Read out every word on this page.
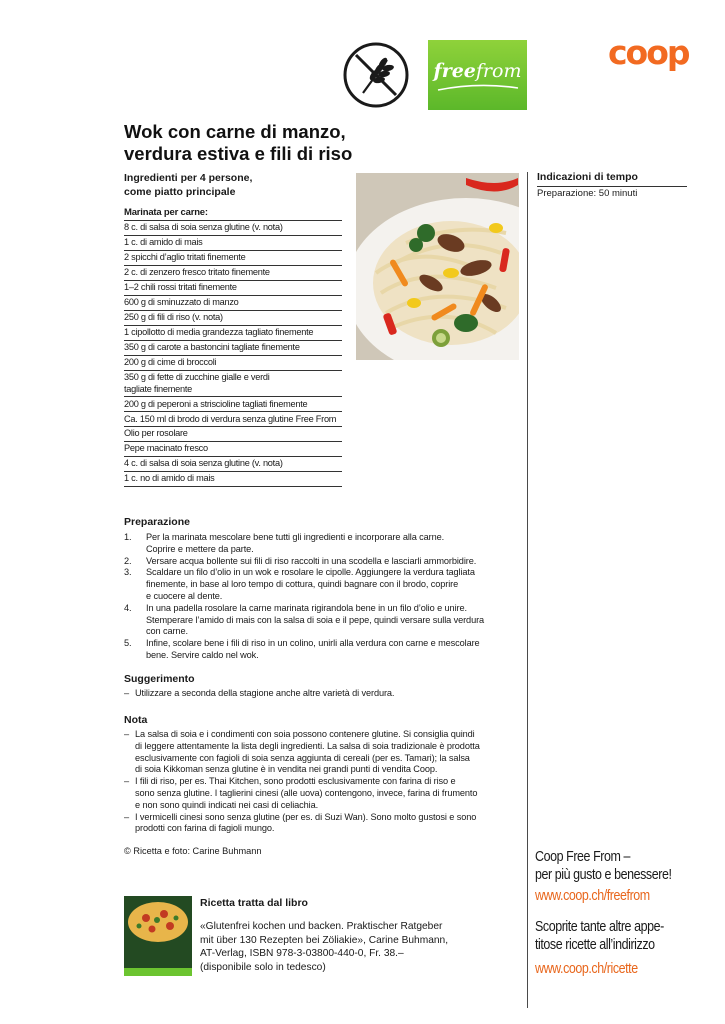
freefrom	coop
Wok con carne di manzo,
verdura estiva e fili di riso
Ingredienti per 4 persone,
come piatto principale
Marinata per carne:
8 c. di salsa di soia senza glutine (v. nota)
1 c. di amido di mais
2 spicchi d’aglio tritati finemente
2 c. di zenzero fresco tritato finemente
1–2 chili rossi tritati finemente
600 g di sminuzzato di manzo
250 g di fili di riso (v. nota)
1 cipollotto di media grandezza tagliato finemente
350 g di carote a bastoncini tagliate finemente
200 g di cime di broccoli
350 g di fette di zucchine gialle e verdi
tagliate finemente
200 g di peperoni a striscioline tagliati finemente
Ca. 150 ml di brodo di verdura senza glutine Free From
Olio per rosolare
Pepe macinato fresco
4 c. di salsa di soia senza glutine (v. nota)
1 c. no di amido di mais
Indicazioni di tempo
Preparazione: 50 minuti
Preparazione
1. Per la marinata mescolare bene tutti gli ingredienti e incorporare alla carne.
Coprire e mettere da parte.
2. Versare acqua bollente sui fili di riso raccolti in una scodella e lasciarli ammorbidire.
3. Scaldare un filo d’olio in un wok e rosolare le cipolle. Aggiungere la verdura tagliata
finemente, in base al loro tempo di cottura, quindi bagnare con il brodo, coprire
e cuocere al dente.
4. In una padella rosolare la carne marinata rigirandola bene in un filo d’olio e unire.
Stemperare l’amido di mais con la salsa di soia e il pepe, quindi versare sulla verdura
con carne.
5. Infine, scolare bene i fili di riso in un colino, unirli alla verdura con carne e mescolare
bene. Servire caldo nel wok.
Suggerimento
– Utilizzare a seconda della stagione anche altre varietà di verdura.
Nota
– La salsa di soia e i condimenti con soia possono contenere glutine. Si consiglia quindi
di leggere attentamente la lista degli ingredienti. La salsa di soia tradizionale è prodotta
esclusivamente con fagioli di soia senza aggiunta di cereali (per es. Tamari); la salsa
di soia Kikkoman senza glutine è in vendita nei grandi punti di vendita Coop.
– I fili di riso, per es. Thai Kitchen, sono prodotti esclusivamente con farina di riso e
sono senza glutine. I taglierini cinesi (alle uova) contengono, invece, farina di frumento
e non sono quindi indicati nei casi di celiachia.
– I vermicelli cinesi sono senza glutine (per es. di Suzi Wan). Sono molto gustosi e sono
prodotti con farina di fagioli mungo.
© Ricetta e foto: Carine Buhmann
Ricetta tratta dal libro
«Glutenfrei kochen und backen. Praktischer Ratgeber
mit über 130 Rezepten bei Zöliakie», Carine Buhmann,
AT-Verlag, ISBN 978-3-03800-440-0, Fr. 38.–
(disponibile solo in tedesco)
Coop Free From –
per più gusto e benessere!
www.coop.ch/freefrom
Scoprite tante altre appe-
titose ricette all’indirizzo
www.coop.ch/ricette
